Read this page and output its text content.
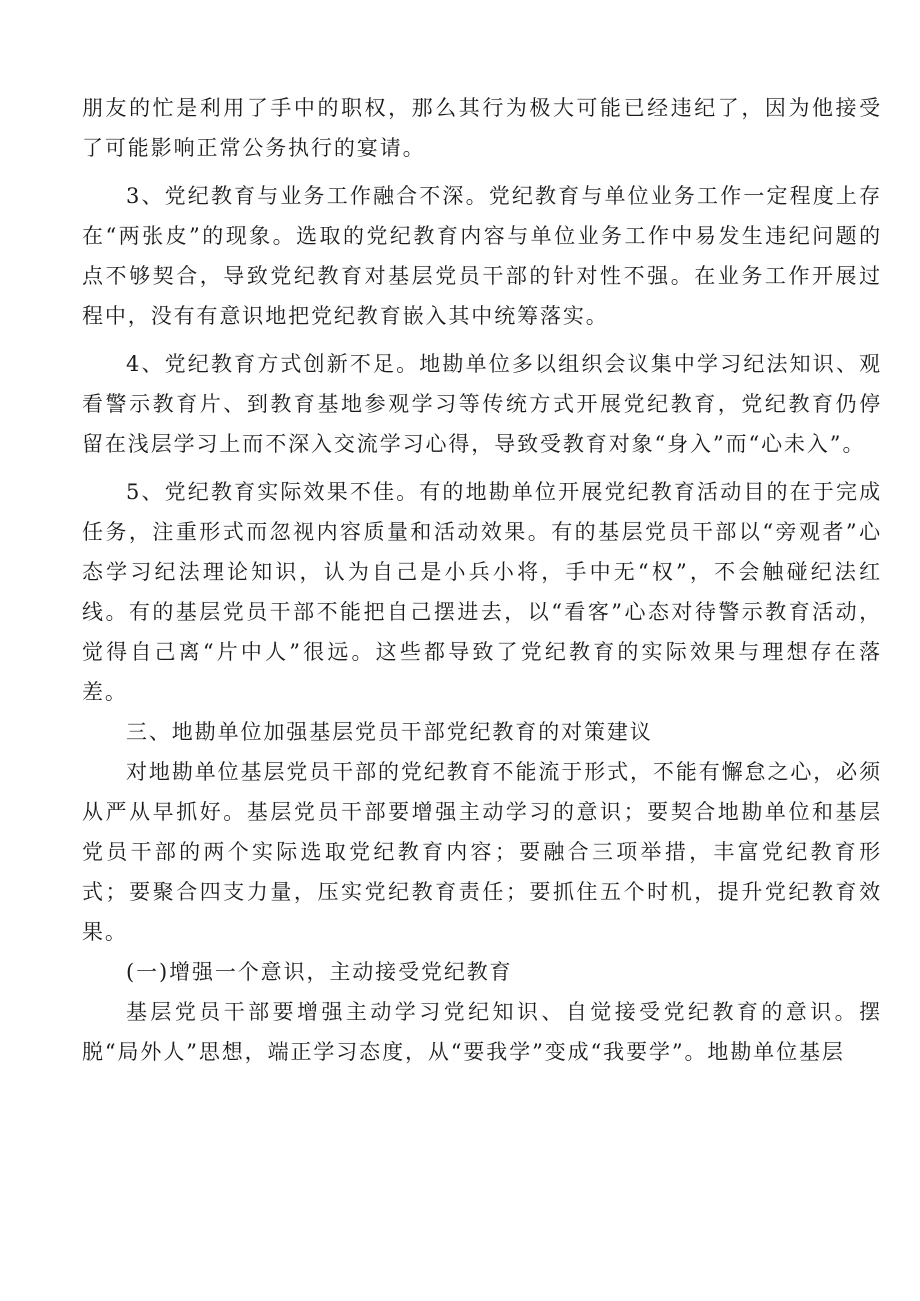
朋友的忙是利用了手中的职权，那么其行为极大可能已经违纪了，因为他接受了可能影响正常公务执行的宴请。

3、党纪教育与业务工作融合不深。党纪教育与单位业务工作一定程度上存在“两张皮”的现象。选取的党纪教育内容与单位业务工作中易发生违纪问题的点不够契合，导致党纪教育对基层党员干部的针对性不强。在业务工作开展过程中，没有有意识地把党纪教育嵌入其中统筹落实。

4、党纪教育方式创新不足。地勘单位多以组织会议集中学习纪法知识、观看警示教育片、到教育基地参观学习等传统方式开展党纪教育，党纪教育仍停留在浅层学习上而不深入交流学习心得，导致受教育对象“身入”而“心未入”。

5、党纪教育实际效果不佳。有的地勘单位开展党纪教育活动目的在于完成任务，注重形式而忽视内容质量和活动效果。有的基层党员干部以“旁观者”心态学习纪法理论知识，认为自己是小兵小将，手中无“权”，不会触碰纪法红线。有的基层党员干部不能把自己摆进去，以“看客”心态对待警示教育活动，觉得自己离“片中人”很远。这些都导致了党纪教育的实际效果与理想存在落差。

三、地勘单位加强基层党员干部党纪教育的对策建议

对地勘单位基层党员干部的党纪教育不能流于形式，不能有懈怠之心，必须从严从早抓好。基层党员干部要增强主动学习的意识；要契合地勘单位和基层党员干部的两个实际选取党纪教育内容；要融合三项举措，丰富党纪教育形式；要聚合四支力量，压实党纪教育责任；要抓住五个时机，提升党纪教育效果。

(一)增强一个意识，主动接受党纪教育

基层党员干部要增强主动学习党纪知识、自觉接受党纪教育的意识。摆脱“局外人”思想，端正学习态度，从“要我学”变成“我要学”。地勘单位基层
